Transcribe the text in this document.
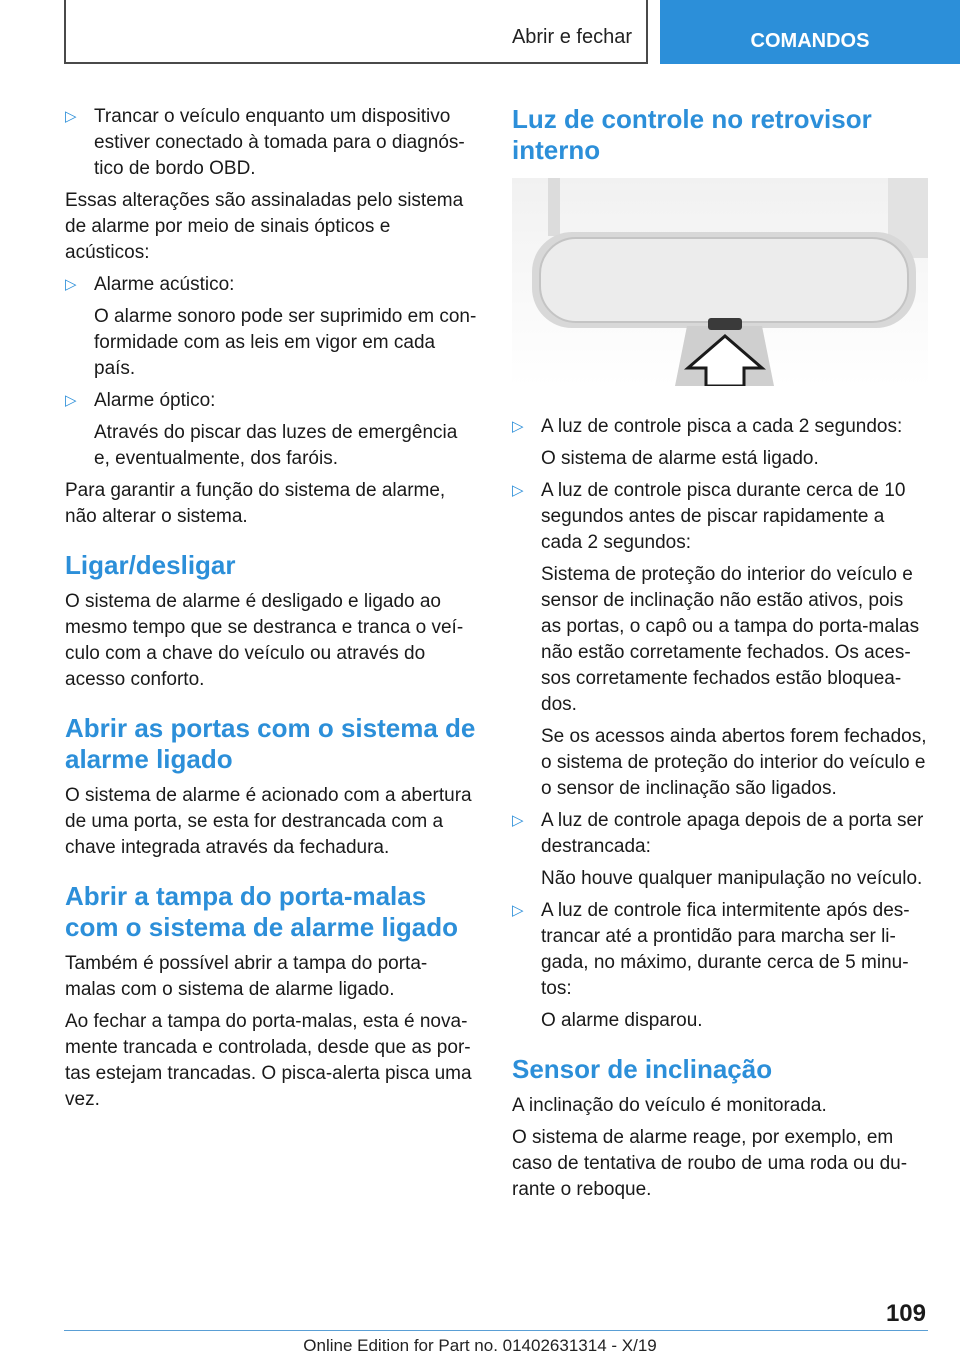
Abrir e fechar	COMANDOS
▷ Trancar o veículo enquanto um dispositivo estiver conectado à tomada para o diagnóstico de bordo OBD.

Essas alterações são assinaladas pelo sistema de alarme por meio de sinais ópticos e acústicos:

▷ Alarme acústico:

O alarme sonoro pode ser suprimido em conformidade com as leis em vigor em cada país.

▷ Alarme óptico:

Através do piscar das luzes de emergência e, eventualmente, dos faróis.

Para garantir a função do sistema de alarme, não alterar o sistema.

Ligar/desligar

O sistema de alarme é desligado e ligado ao mesmo tempo que se destranca e tranca o veículo com a chave do veículo ou através do acesso conforto.

Abrir as portas com o sistema de alarme ligado

O sistema de alarme é acionado com a abertura de uma porta, se esta for destrancada com a chave integrada através da fechadura.

Abrir a tampa do porta-malas com o sistema de alarme ligado

Também é possível abrir a tampa do porta-malas com o sistema de alarme ligado.

Ao fechar a tampa do porta-malas, esta é novamente trancada e controlada, desde que as portas estejam trancadas. O pisca-alerta pisca uma vez.

Luz de controle no retrovisor interno
▷ A luz de controle pisca a cada 2 segundos:

O sistema de alarme está ligado.

▷ A luz de controle pisca durante cerca de 10 segundos antes de piscar rapidamente a cada 2 segundos:

Sistema de proteção do interior do veículo e sensor de inclinação não estão ativos, pois as portas, o capô ou a tampa do porta-malas não estão corretamente fechados. Os acessos corretamente fechados estão bloqueados.

Se os acessos ainda abertos forem fechados, o sistema de proteção do interior do veículo e o sensor de inclinação são ligados.

▷ A luz de controle apaga depois de a porta ser destrancada:

Não houve qualquer manipulação no veículo.

▷ A luz de controle fica intermitente após destrancar até a prontidão para marcha ser ligada, no máximo, durante cerca de 5 minutos:

O alarme disparou.

Sensor de inclinação

A inclinação do veículo é monitorada.

O sistema de alarme reage, por exemplo, em caso de tentativa de roubo de uma roda ou durante o reboque.

109
Online Edition for Part no. 01402631314 - X/19
